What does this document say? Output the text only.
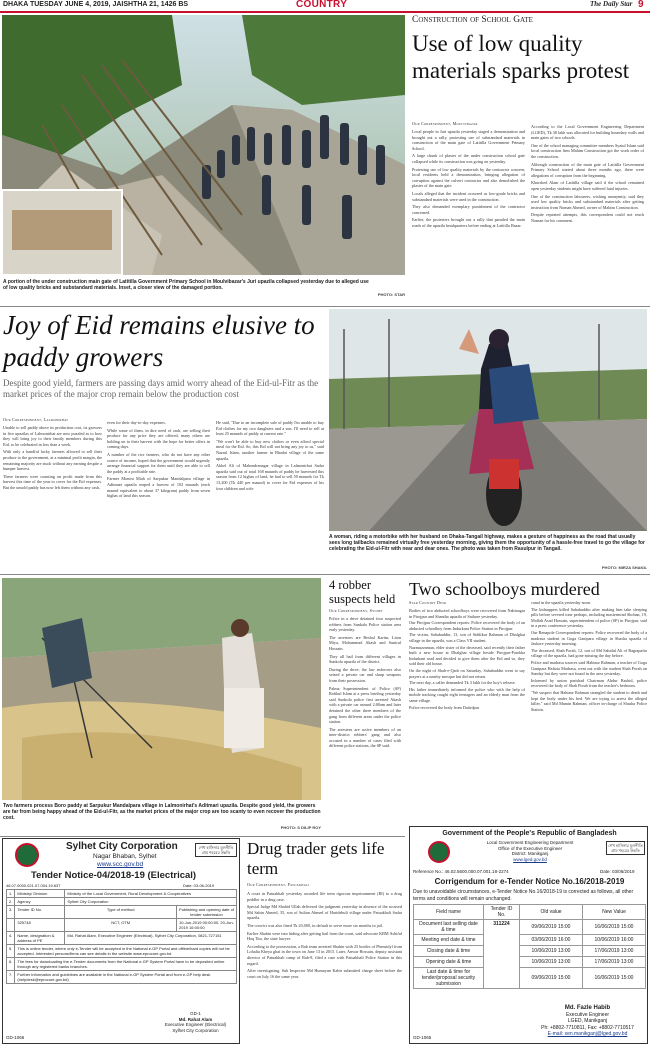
DHAKA TUESDAY JUNE 4, 2019, JAISHTHA 21, 1426 BS	COUNTRY	The Daily Star 9
A portion of the under construction main gate of Latitilla Government Primary School in Moulvibazar's Juri upazila collapsed yesterday due to alleged use of low quality bricks and substandard materials. Inset, a closer view of the damaged portion.
PHOTO: STAR
Construction of School Gate
Use of low quality materials sparks protest
Our Correspondent, Moulvibazar

Local people in Juri upazila yesterday staged a demonstration and brought out a rally, protesting use of substandard materials in construction of the main gate of Latitilla Government Primary School.

A large chunk of plaster of the under construction school gate collapsed while its construction was going on yesterday.

Protesting use of low quality materials by the contractor concern, local residents held a demonstration, bringing allegation of corruption against the culvert contractor and also demolished the plaster of the main gate.

Locals alleged that the incident occurred as low-grade bricks and substandard materials were used in the construction.

They also demanded exemplary punishment of the contractor concerned.

Earlier, the protesters brought out a rally that paraded the main roads of the upazila headquarters before ending at Latitilla Bazar.

According to the Local Government Engineering Department (LGED), Tk 30 lakh was allocated for building boundary walls and main gates of two schools.

One of the school managing committee members Syatul Islam said local construction firm Mahim Construction got the work order of the construction.

Although construction of the main gate of Latitilla Government Primary School started about three months ago, there were allegations of corruption from the beginning.

Khurshed Alam of Latitilla village said if the school remained open yesterday students might have suffered fatal injuries.

One of the construction labourers, wishing anonymity, said they used low quality bricks and substandard materials after getting instruction from Noman Ahmed, owner of Mahim Construction.

Despite repeated attempts, this correspondent could not reach Noman for his comment.

Joy of Eid remains elusive to paddy growers
Despite good yield, farmers are passing days amid worry ahead of the Eid-ul-Fitr as the market prices of the major crop remain below the production cost
Our Correspondent, Lalmonirhat

Unable to sell paddy above its production cost, its growers in five upazilas of Lalmonirhat are now puzzled as to how they will bring joy to their family members during this Eid, to be celebrated in less than a week.

With only a handful lucky farmers allowed to sell their produce to the government, at a minimal profit margin, the remaining majority are stuck without any earning despite a bumper harvest.

These farmers were counting on profit made from this harvest this time of the year to cover for the Eid expenses. But the unsold paddy has now left them without any cash,

even for their day-to-day expenses.

While some of them, in dire need of cash, are selling their produce for any price they are offered, many others are holding on to their harvest with the hope for better offers in coming days.

A number of the rice farmers, who do not have any other source of income, hoped that the government would urgently arrange financial support for them until they are able to sell the paddy at a profitable rate.

Farmer Monira Miah of Sarpukur Mandalpara village in Aditmari upazila reaped a harvest of 102 maunds (each maund equivalent to about 37 kilogram) paddy from seven bighas of land this season.

He said, "Due to an incomplete sale of paddy I'm unable to buy Eid clothes for my two daughters and a son. I'll need to sell at least 25 maunds of paddy at current rate."

"We won't be able to buy new clothes or even afford special meal for the Eid. So, this Eid will not bring any joy to us," said Nazrul Islam, another farmer in Bhadai village of the same upazila.

Akkel Ali of Mahendranagar village in Lalmonirhat Sadar upazila said out of total 168 maunds of paddy he harvested this season from 12 bighas of land, he had to sell 50 maunds for Tk 13,200 (Tk 440 per maund) to cover for Eid expenses of his four children and wife.

A woman, riding a motorbike with her husband on Dhaka-Tangail highway, makes a gesture of happiness as the road that usually sees long tailbacks remained virtually free yesterday morning, giving them the opportunity of a hassle-free travel to go the village for celebrating the Eid-ul-Fitr with near and dear ones. The photo was taken from Rasulpur in Tangail.
PHOTO: MIRZA SHAKIL
Two farmers process Boro paddy at Sarpukur Mandalpara village in Lalmonirhat's Aditmari upazila. Despite good yield, the growers are far from being happy ahead of the Eid-ul-Fitr, as the market prices of the major crop are too scanty to even recover the production cost.
PHOTO: S DILIP ROY
4 robber suspects held
Our Correspondent, Sylhet

Police in a drive detained four suspected robbers from Sunkala Police station area early yesterday.

The arrestees are Beshal Karim, Liton Miya, Mohammad Akash and Sunirul Hossain.

They all hail from different villages in Sunkola upazila of the district.

During the drive, the law enforcers also seized a private car and sharp weapons from their possession.

Palma Superintendent of Police (SP) Rafikul Islam at a press briefing yesterday said Sunkola police first arrested Akash with a private car around 2:00am and later detained the other three members of the gang from different areas under the police station.

The arrestees are active members of an inter-district robbers' gang and also accused in a number of cases filed with different police stations, the SP said.

Two schoolboys murdered
Star Country Desk

Bodies of two abducted schoolboys were recovered from Nabinagar in Pirojpur and Shantha upazila of Sathore yesterday.

Our Pirojpur Correspondent reports: Police recovered the body of an abducted schoolboy from Indurkani Police Station in Pirojpur.

The victim, Sahabuddin, 13, son of Siddikur Rahman of Dhalghat village in the upazila, was a Class VII student.

Nazmuzzaman, elder sister of the deceased, said recently their father built a new house at Dhalghat village beside Pirojpur-Patokha Indurkani road and decided to give them after the Eid and so, they sold their old house.

On the night of Shab-e-Qadr on Saturday, Sahabuddin went to say prayers at a nearby mosque but did not return.

The next day, a caller demanded Tk 3 lakh for the boy's release.

His father immediately informed the police who with the help of mobile tracking caught eight teenagers and an elderly man from the same village.

Police recovered the body from Daiirdpur

canal in the upazila yesterday noon.

The kidnappers killed Sahabuddin after making him take sleeping pills before severed tone perhaps, including mastermind Shohan, 19, Mollah Asad Hossain, superintendent of police (SP) in Pirojpur, said in a press conference yesterday.

Our Benapole Correspondent reports: Police recovered the body of a madrasa student in Goga Ganipara village in Shasha upazila of Jashore yesterday morning.

The deceased, Shah Porah, 12, son of Md Sahidul Ali of Ragrapafar village of the upazila, had gone missing the day before.

Police and madrasa sources said Habizur Rahman, a teacher of Goga Ganipara Hafizia Madrasa, went out with the student Shah Porah on Sunday but they were not found in the area yesterday.

Informed by union parishad Chairman Abdur Rashid, police recovered the body of Shah Porah from the teacher's bedroom.

"We suspect that Habizur Rahman strangled the student to death and kept the body under his bed. We are trying to arrest the alleged killer," said Md Mamin Rahman, officer in-charge of Shasha Police Station.

Sylhet City Corporation
Nagar Bhaban, Sylhet
www.scc.gov.bd
শেখ হাসিনার মূলনীতি গ্রাম শহরের উন্নতি
Tender Notice-04/2018-19 (Electrical)
46.07.0000.021.07.004.19.637	Date: 03-06-2019
1.	Ministry/ Division	Ministry of the Local Government, Rural Development & Cooperatives	
2.	Agency	Sylhet City Corporation	
3.	Tender ID No.	Type of method	Publishing and opening date of tender submission
	325748	NCT, OTM	10-Jun-2019 00:00:00, 20-Jun-2019 16:00:00
4.	Name, designation & address of PE	Md. Rahat Alam, Executive Engineer (Electrical), Sylhet City Corporation, 0821-727151	
5.	This is online tender, where only e-Tender will be accepted in the National e-GP Portal and offline/hard copies will not be accepted. Interested persons/firms can see details in the website www.eprocure.gov.bd		
6.	The fees for downloading the e-Tender documents from the National e-GP System Portal have to be deposited online through any registered banks branches.		
7.	Further information and guidelines are available in the National e-GP System Portal and from e-GP help desk (helpdesk@eprocure.gov.bd)		
GD-1
Md. Rahat Alam
Executive Engineer (Electrical)
Sylhet City Corporation
GD-1066
Drug trader gets life term
Our Correspondent, Patuakhali

A court in Patuakhali yesterday awarded life term rigorous imprisonment (RI) to a drug peddler in a drug case.

Special Judge Md Shahid Ullah delivered the judgment yesterday in absence of the accused Md Sabin Ahmed, 35, son of Sultan Ahmed of Haridebuli village under Patuakhali Sadar upazila.

The convict was also fined Tk 20,000, in default to serve more six months in jail.

Earlier Shabin were into hiding after getting bail from the court, said advocate KBM Ashiful Haq Titu, the state lawyer.

According to the prosecution, a Rab team arrested Shahin with 25 bottles of Phensidyl from Lohalia Kheya ghat in the town on June 13 in 2015. Later, Anwar Hossain, deputy assistant director of Patuakhali camp of Rab-8, filed a case with Patuakhali Police Station in this regard.

After investigating, Sub Inspector Md Humayun Kabir submitted charge sheet before the court on July 16 the same year.

Government of the People's Republic of Bangladesh
Local Government Engineering Department
Office of the Executive Engineer
District: Manikganj
www.lged.gov.bd
শেখ হাসিনার মূলনীতি গ্রাম শহরের উন্নতি
Reference No.: 46.02.5600.000.07.001.18-2274	Date: 03/06/2019
Corrigendum for e-Tender Notice No.16/2018-2019
Due to unavoidable circumstances, e-Tender Notice No.16/2018-19 is corrected as follows, all other terms and conditions will remain unchanged.
Field name	Tender ID No.	Old value	New Value
Document last selling date & time	311224	09/06/2019 15:00	16/06/2019 15:00
Meeting end date & time		03/06/2019 16:00	10/06/2019 16:00
Closing date & time		10/06/2019 13:00	17/06/2019 13:00
Opening date & time		10/06/2019 13:00	17/06/2019 13:00
Last date & time for tender/proposal security submission		09/06/2019 15:00	16/06/2019 15:00
Md. Fazle Habib
Executive Engineer
LGED, Manikganj
Ph: +8802-7710811, Fax: +8802-7710517
E-mail: xen.manikganj@lged.gov.bd
GD-1065
